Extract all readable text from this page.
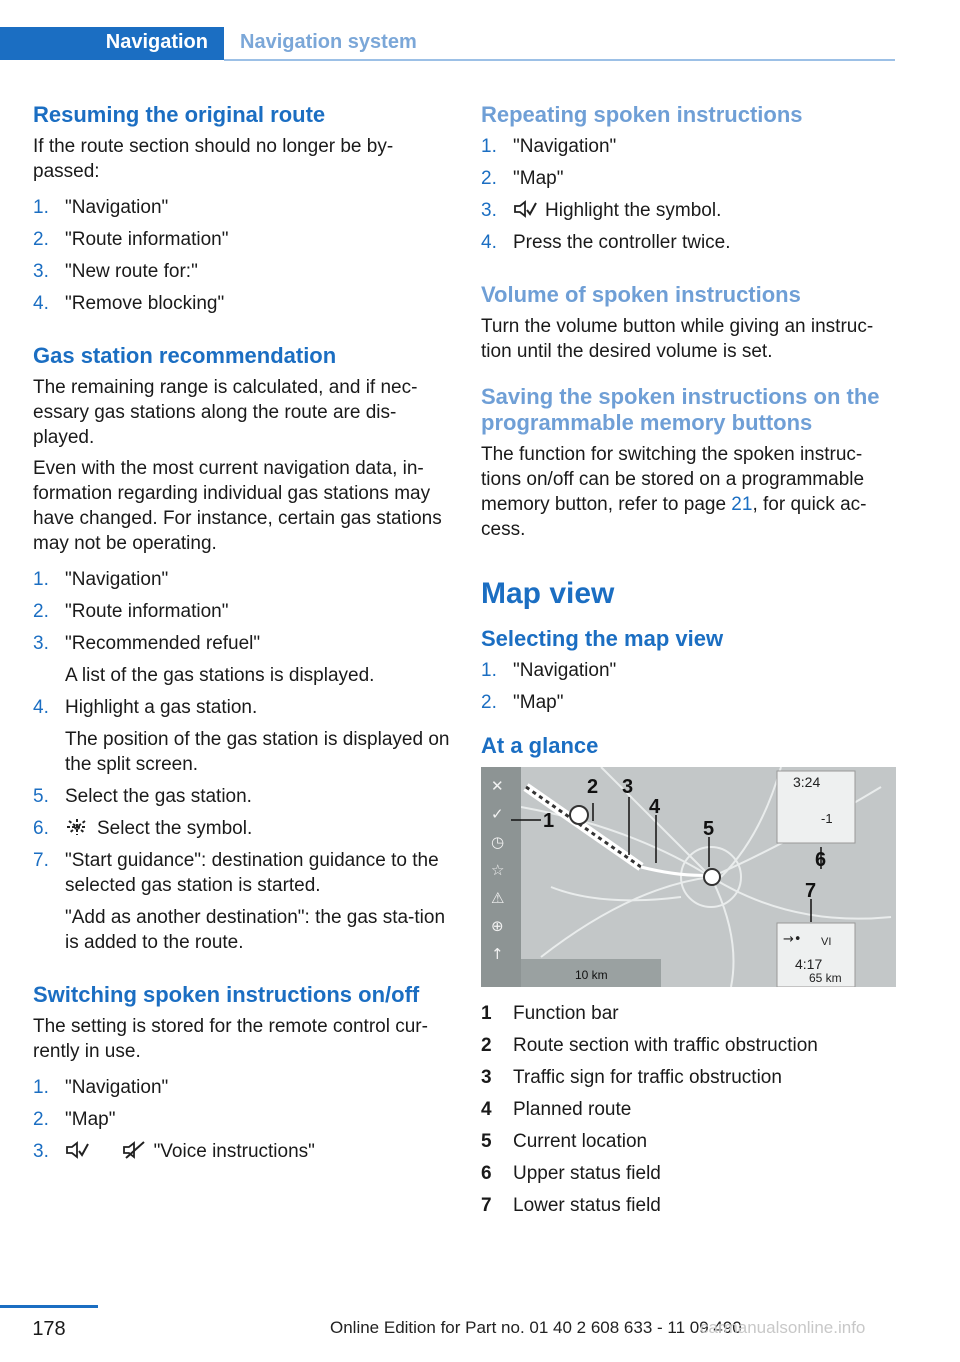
Navigation	Navigation system
Resuming the original route

If the route section should no longer be by-passed:

1. "Navigation"
2. "Route information"
3. "New route for:"
4. "Remove blocking"
Gas station recommendation

The remaining range is calculated, and if nec-essary gas stations along the route are dis-played.

Even with the most current navigation data, in-formation regarding individual gas stations may have changed. For instance, certain gas stations may not be operating.

1. "Navigation"
2. "Route information"
3. "Recommended refuel"
A list of the gas stations is displayed.
4. Highlight a gas station.
The position of the gas station is displayed on the split screen.
5. Select the gas station.
6.	Select the symbol.
7. "Start guidance": destination guidance to the selected gas station is started.
"Add as another destination": the gas sta-tion is added to the route.
Switching spoken instructions on/off

The setting is stored for the remote control cur-rently in use.

1. "Navigation"
2. "Map"
3.	"Voice instructions"
Repeating spoken instructions
1. "Navigation"
2. "Map"
3.	Highlight the symbol.
4. Press the controller twice.
Volume of spoken instructions

Turn the volume button while giving an instruc-tion until the desired volume is set.

Saving the spoken instructions on the programmable memory buttons

The function for switching the spoken instruc-tions on/off can be stored on a programmable memory button, refer to page 21, for quick ac-cess.

Map view
Selecting the map view
1. "Navigation"
2. "Map"
At a glance
✕
✓
◷
☆
⚠
⊕
↑
3:24
-1
→• VI
4:17
65 km
10 km
1
2 3
4
5
6
7
1 Function bar
2 Route section with traffic obstruction
3 Traffic sign for traffic obstruction
4 Planned route
5 Current location
6 Upper status field
7 Lower status field
178	Online Edition for Part no. 01 40 2 608 633 - 11 09 490
carmanualsonline.info
